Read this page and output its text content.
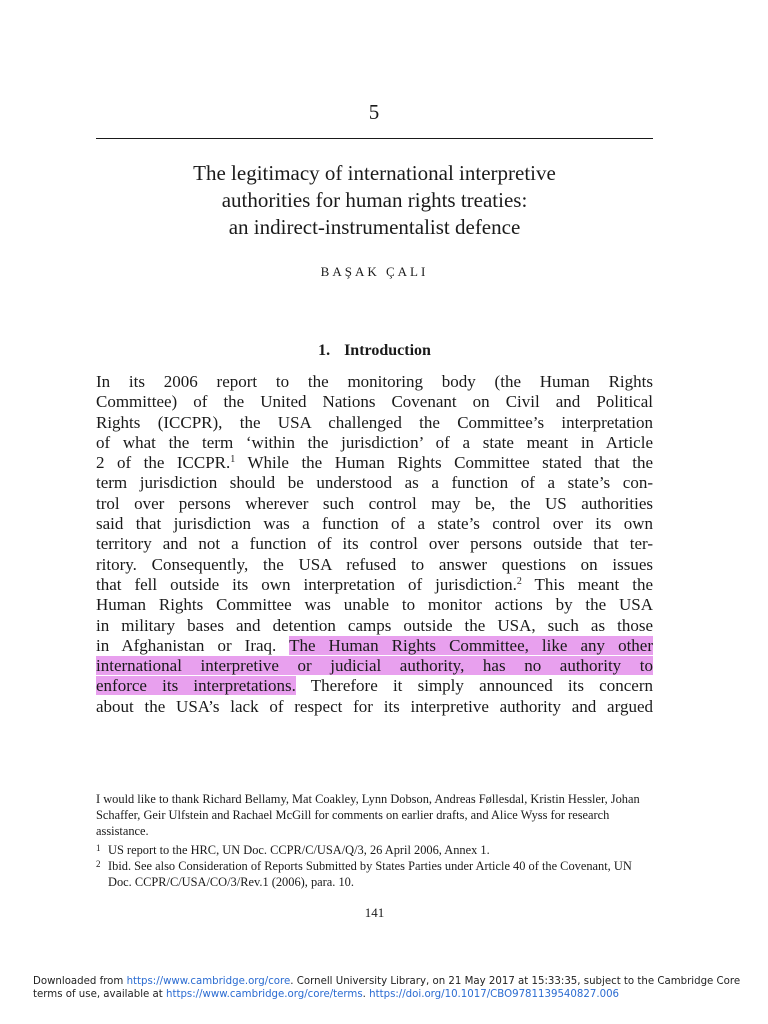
5
The legitimacy of international interpretive
authorities for human rights treaties:
an indirect-instrumentalist defence
BAŞAK ÇALI
1. Introduction
In its 2006 report to the monitoring body (the Human Rights
Committee) of the United Nations Covenant on Civil and Political
Rights (ICCPR), the USA challenged the Committee’s interpretation
of what the term ‘within the jurisdiction’ of a state meant in Article
2 of the ICCPR.$^1$ While the Human Rights Committee stated that the
term jurisdiction should be understood as a function of a state’s con-
trol over persons wherever such control may be, the US authorities
said that jurisdiction was a function of a state’s control over its own
territory and not a function of its control over persons outside that ter-
ritory. Consequently, the USA refused to answer questions on issues
that fell outside its own interpretation of jurisdiction.$^2$ This meant the
Human Rights Committee was unable to monitor actions by the USA
in military bases and detention camps outside the USA, such as those
in Afghanistan or Iraq. The Human Rights Committee, like any other
international interpretive or judicial authority, has no authority to
enforce its interpretations. Therefore it simply announced its concern
about the USA’s lack of respect for its interpretive authority and argued
I would like to thank Richard Bellamy, Mat Coakley, Lynn Dobson, Andreas Føllesdal, Kristin Hessler, Johan Schaffer, Geir Ulfstein and Rachael McGill for comments on earlier drafts, and Alice Wyss for research assistance.
1 US report to the HRC, UN Doc. CCPR/C/USA/Q/3, 26 April 2006, Annex 1.
2 Ibid. See also Consideration of Reports Submitted by States Parties under Article 40 of the Covenant, UN Doc. CCPR/C/USA/CO/3/Rev.1 (2006), para. 10.
141
Downloaded from https://www.cambridge.org/core. Cornell University Library, on 21 May 2017 at 15:33:35, subject to the Cambridge Core
terms of use, available at https://www.cambridge.org/core/terms. https://doi.org/10.1017/CBO9781139540827.006
